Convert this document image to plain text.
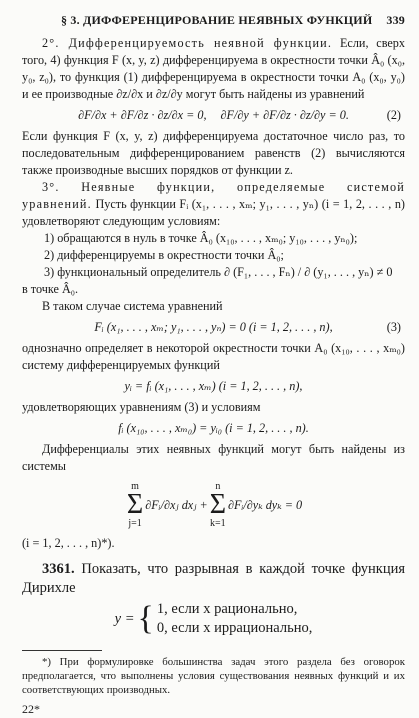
§ 3. ДИФФЕРЕНЦИРОВАНИЕ НЕЯВНЫХ ФУНКЦИЙ	339

2°. Дифференцируемость неявной функции. Если, сверх того, 4) функция F (x, y, z) дифференцируема в окрестности точки Â₀ (x₀, y₀, z₀), то функция (1) дифференцируема в окрестности точки A₀ (x₀, y₀) и ее производные ∂z/∂x и ∂z/∂y могут быть найдены из уравнений

∂F/∂x + ∂F/∂z · ∂z/∂x = 0, ∂F/∂y + ∂F/∂z · ∂z/∂y = 0.	(2)

Если функция F (x, y, z) дифференцируема достаточное число раз, то последовательным дифференцированием равенств (2) вычисляются также производные высших порядков от функции z.

3°. Неявные функции, определяемые системой уравнений. Пусть функции Fᵢ (x₁, . . . , xₘ; y₁, . . . , yₙ) (i = 1, 2, . . . , n) удовлетворяют следующим условиям:

1) обращаются в нуль в точке Â₀ (x₁₀, . . . , xₘ₀; y₁₀, . . . , yₙ₀);

2) дифференцируемы в окрестности точки Â₀;

3) функциональный определитель ∂ (F₁, . . . , Fₙ) / ∂ (y₁, . . . , yₙ) ≠ 0

в точке Â₀.

В таком случае система уравнений

Fᵢ (x₁, . . . , xₘ; y₁, . . . , yₙ) = 0 (i = 1, 2, . . . , n),	(3)

однозначно определяет в некоторой окрестности точки A₀ (x₁₀, . . . , xₘ₀) систему дифференцируемых функций

yᵢ = fᵢ (x₁, . . . , xₘ) (i = 1, 2, . . . , n),

удовлетворяющих уравнениям (3) и условиям

fᵢ (x₁₀, . . . , xₘ₀) = yᵢ₀ (i = 1, 2, . . . , n).

Дифференциалы этих неявных функций могут быть найдены из системы

m
Σ
j=1
∂Fᵢ/∂xⱼ dxⱼ +
n
Σ
k=1
∂Fᵢ/∂yₖ dyₖ = 0

(i = 1, 2, . . . , n)*).

3361. Показать, что разрывная в каждой точке функция Дирихле

y = { 1, если x рационально,
0, если x иррационально,

*) При формулировке большинства задач этого раздела без оговорок предполагается, что выполнены условия существования неявных функций и их соответствующих производных.

22*
